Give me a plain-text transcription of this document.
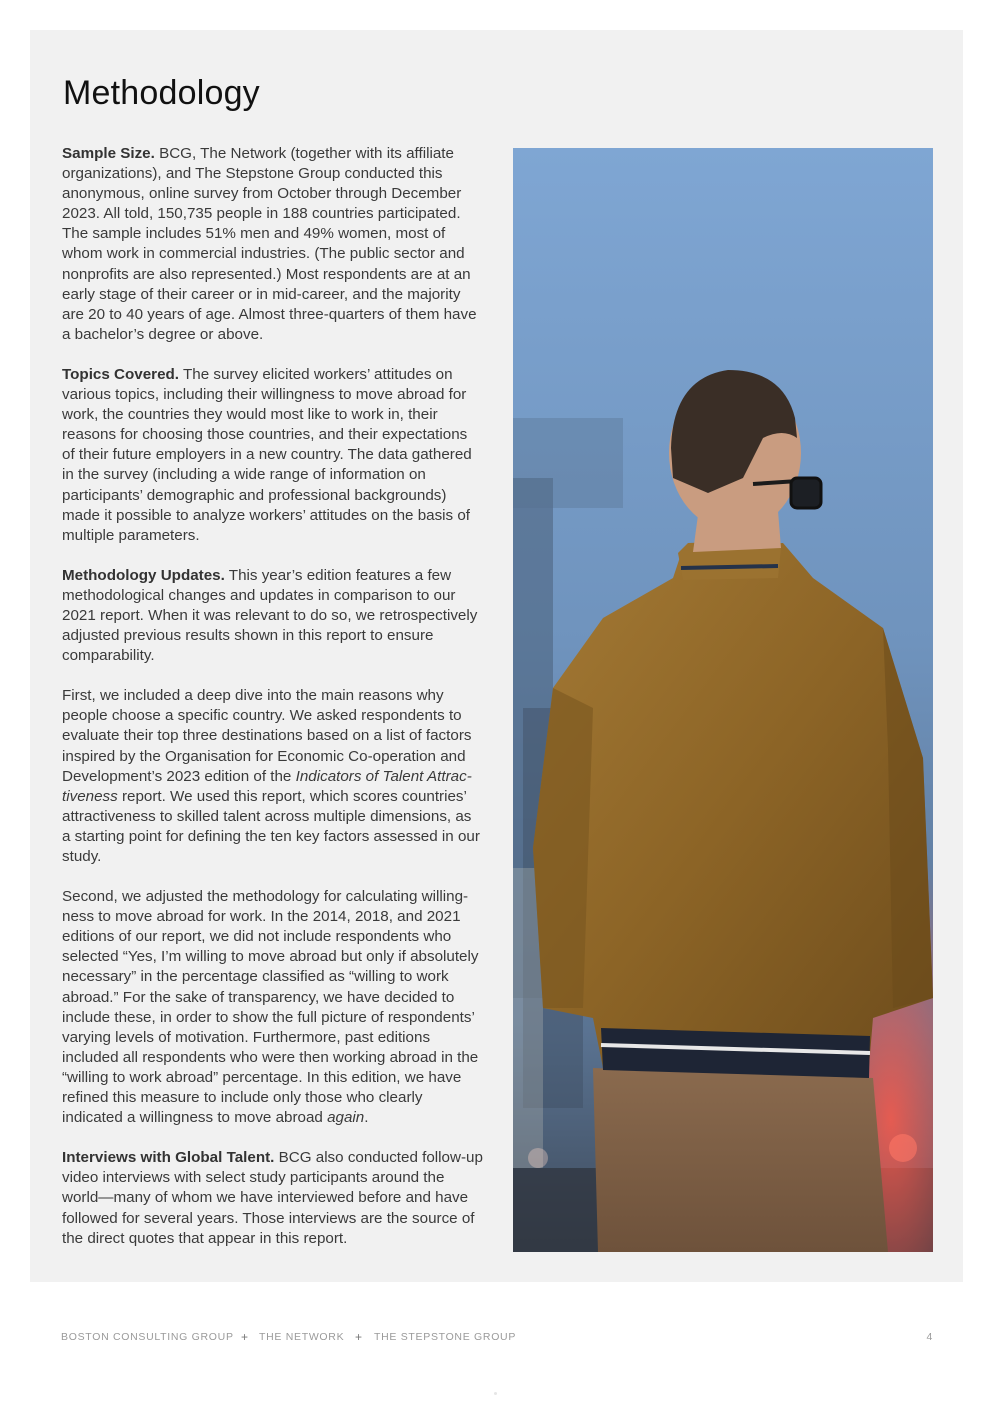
Methodology

Sample Size. BCG, The Network (together with its affiliate organizations), and The Stepstone Group conducted this anonymous, online survey from October through December 2023. All told, 150,735 people in 188 countries participated. The sample includes 51% men and 49% women, most of whom work in commercial industries. (The public sector and nonprofits are also represented.) Most respondents are at an early stage of their career or in mid-career, and the majority are 20 to 40 years of age. Almost three-quarters of them have a bachelor’s degree or above.

Topics Covered. The survey elicited workers’ attitudes on various topics, including their willingness to move abroad for work, the countries they would most like to work in, their reasons for choosing those countries, and their expectations of their future employers in a new country. The data gathered in the survey (including a wide range of information on participants’ demographic and professional backgrounds) made it possible to analyze workers’ attitudes on the basis of multiple parameters.

Methodology Updates. This year’s edition features a few methodological changes and updates in comparison to our 2021 report. When it was relevant to do so, we retrospectively adjusted previous results shown in this report to ensure comparability.

First, we included a deep dive into the main reasons why people choose a specific country. We asked respondents to evaluate their top three destinations based on a list of factors inspired by the Organisation for Economic Co-operation and Development’s 2023 edition of the Indicators of Talent Attractiveness report. We used this report, which scores countries’ attractiveness to skilled talent across multiple dimensions, as a starting point for defining the ten key factors assessed in our study.

Second, we adjusted the methodology for calculating willingness to move abroad for work. In the 2014, 2018, and 2021 editions of our report, we did not include respondents who selected “Yes, I’m willing to move abroad but only if absolutely necessary” in the percentage classified as “willing to work abroad.” For the sake of transparency, we have decided to include these, in order to show the full picture of respondents’ varying levels of motivation. Furthermore, past editions included all respondents who were then working abroad in the “willing to work abroad” percentage. In this edition, we have refined this measure to include only those who clearly indicated a willingness to move abroad again.

Interviews with Global Talent. BCG also conducted follow-up video interviews with select study participants around the world—many of whom we have interviewed before and have followed for several years. Those interviews are the source of the direct quotes that appear in this report.

BOSTON CONSULTING GROUP + THE NETWORK + THE STEPSTONE GROUP	4
